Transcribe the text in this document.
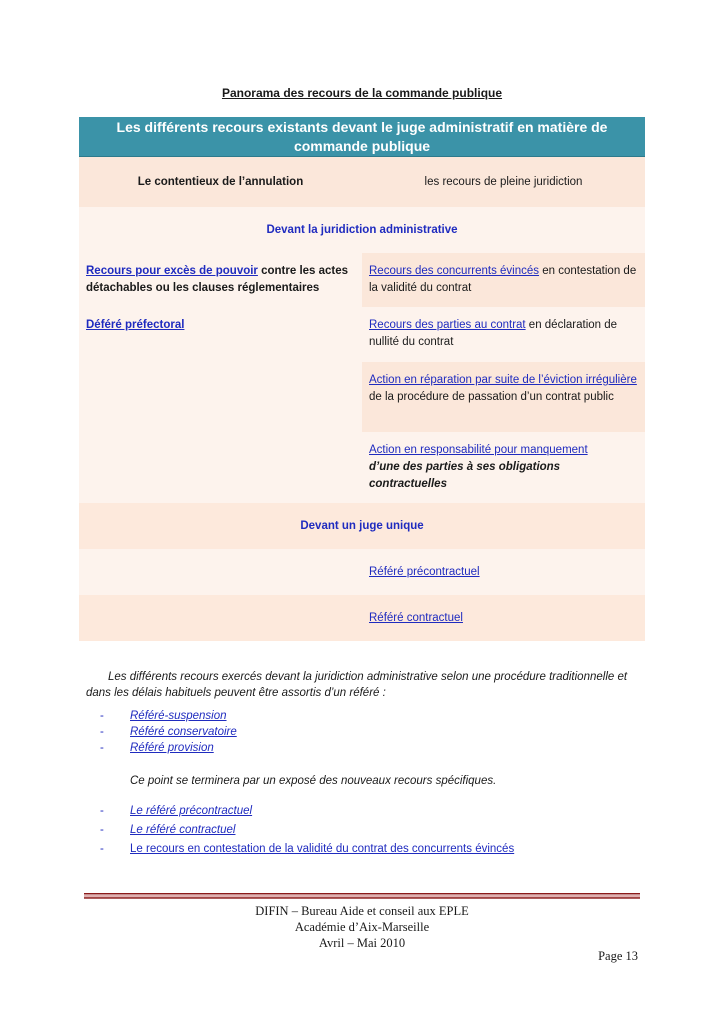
Panorama des recours de la commande publique
Les différents recours existants devant le juge administratif en matière de commande publique
Le contentieux de l’annulation	les recours de pleine juridiction
Devant la juridiction administrative
Recours pour excès de pouvoir contre les actes détachables ou les clauses réglementaires
Déféré préfectoral
Recours des concurrents évincés en contestation de la validité du contrat
Recours des parties au contrat en déclaration de nullité du contrat
Action en réparation par suite de l’éviction irrégulière de la procédure de passation d’un contrat public
Action en responsabilité pour manquement
d’une des parties à ses obligations contractuelles
Devant un juge unique
Référé précontractuel
Référé contractuel
Les différents recours exercés devant la juridiction administrative selon une procédure traditionnelle et dans les délais habituels peuvent être assortis d’un référé :
- Référé-suspension
- Référé conservatoire
- Référé provision
Ce point se terminera par un exposé des nouveaux recours spécifiques.
- Le référé précontractuel
- Le référé contractuel
- Le recours en contestation de la validité du contrat des concurrents évincés
DIFIN – Bureau Aide et conseil aux EPLE
Académie d’Aix-Marseille
Avril – Mai 2010
Page 13
